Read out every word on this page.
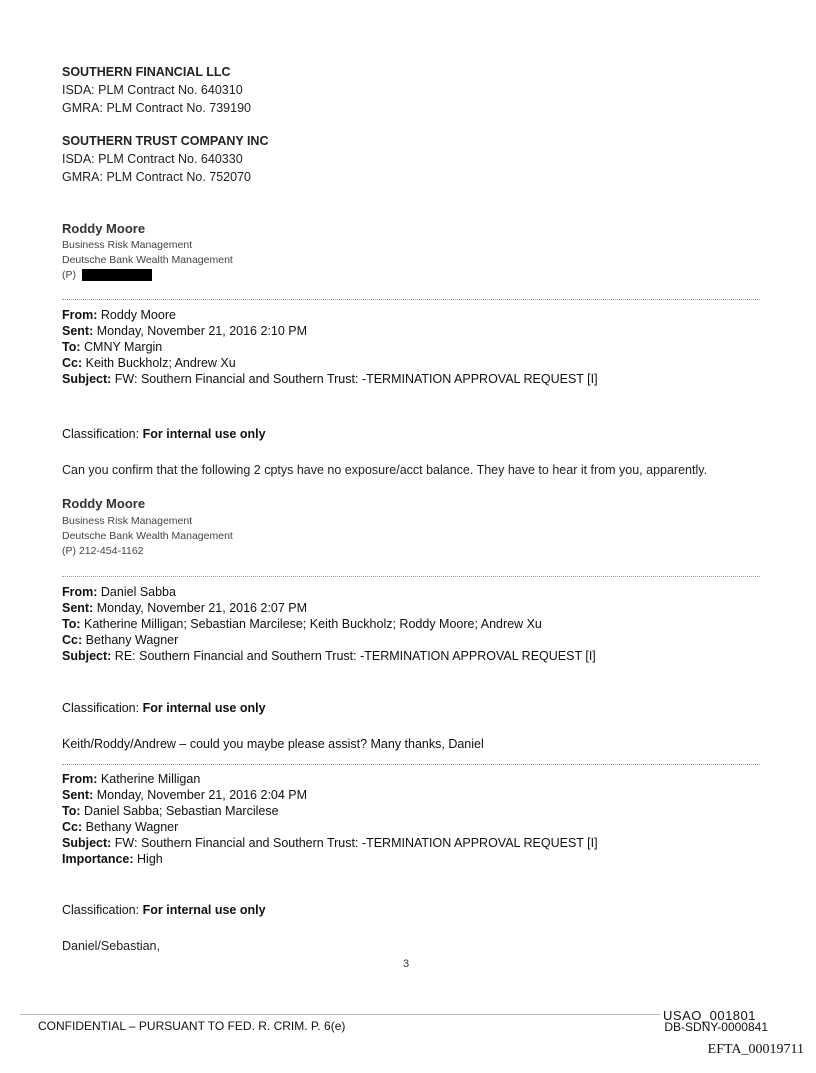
SOUTHERN FINANCIAL LLC
ISDA: PLM Contract No. 640310
GMRA: PLM Contract No. 739190
SOUTHERN TRUST COMPANY INC
ISDA: PLM Contract No. 640330
GMRA: PLM Contract No. 752070
Roddy Moore
Business Risk Management
Deutsche Bank Wealth Management
(P)
From: Roddy Moore
Sent: Monday, November 21, 2016 2:10 PM
To: CMNY Margin
Cc: Keith Buckholz; Andrew Xu
Subject: FW: Southern Financial and Southern Trust: -TERMINATION APPROVAL REQUEST [I]
Classification: For internal use only
Can you confirm that the following 2 cptys have no exposure/acct balance. They have to hear it from you, apparently.
Roddy Moore
Business Risk Management
Deutsche Bank Wealth Management
(P) 212-454-1162
From: Daniel Sabba
Sent: Monday, November 21, 2016 2:07 PM
To: Katherine Milligan; Sebastian Marcilese; Keith Buckholz; Roddy Moore; Andrew Xu
Cc: Bethany Wagner
Subject: RE: Southern Financial and Southern Trust: -TERMINATION APPROVAL REQUEST [I]
Classification: For internal use only
Keith/Roddy/Andrew – could you maybe please assist? Many thanks, Daniel
From: Katherine Milligan
Sent: Monday, November 21, 2016 2:04 PM
To: Daniel Sabba; Sebastian Marcilese
Cc: Bethany Wagner
Subject: FW: Southern Financial and Southern Trust: -TERMINATION APPROVAL REQUEST [I]
Importance: High
Classification: For internal use only
Daniel/Sebastian,
3
CONFIDENTIAL – PURSUANT TO FED. R. CRIM. P. 6(e)
USAO_001801
DB-SDNY-0000841
EFTA_00019711
